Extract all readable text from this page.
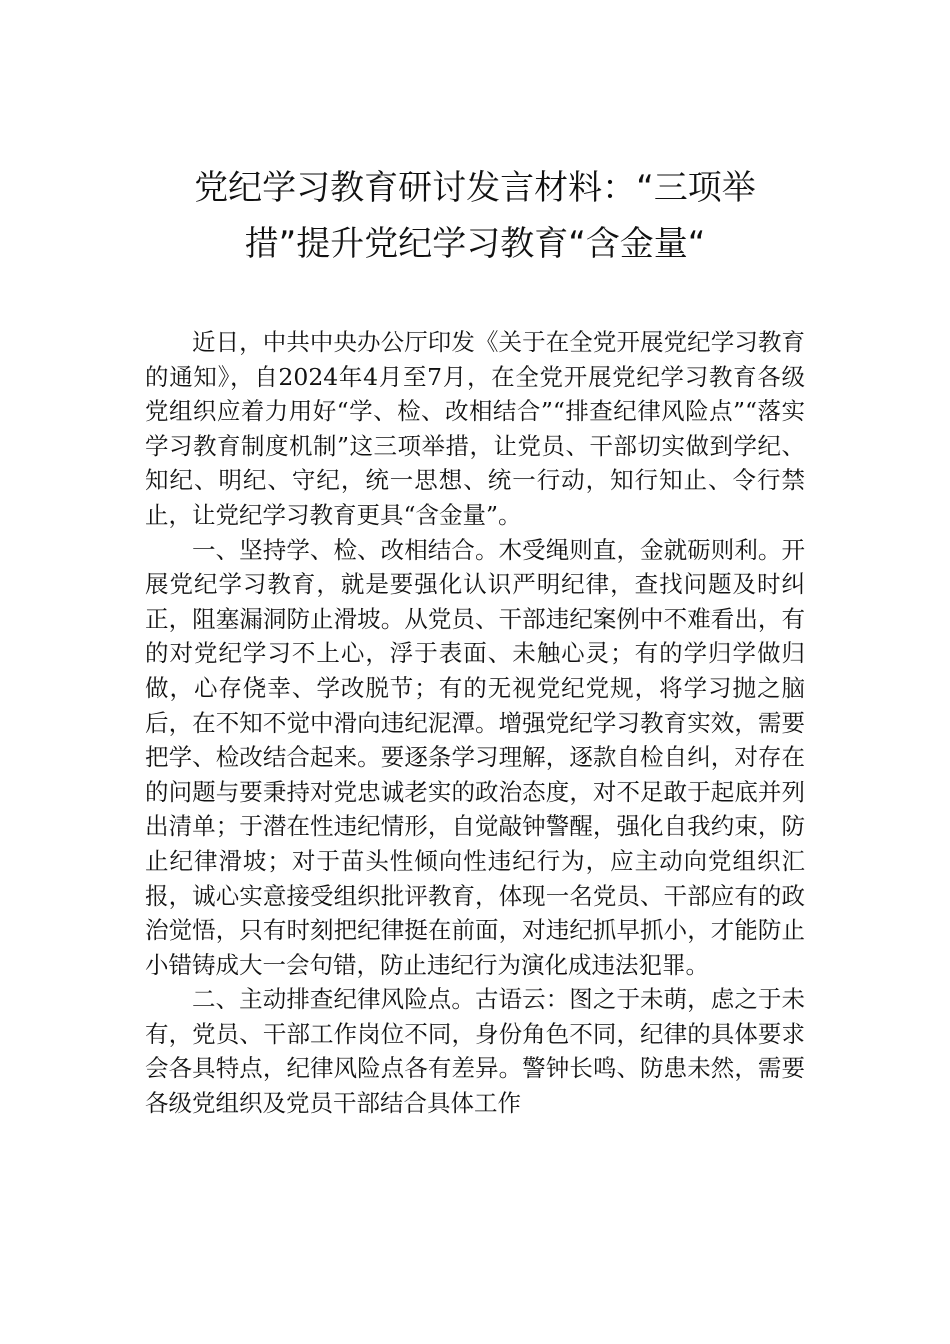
党纪学习教育研讨发言材料：“三项举
措”提升党纪学习教育“含金量“

近日，中共中央办公厅印发《关于在全党开展党纪学习教育的通知》，自2024年4月至7月，在全党开展党纪学习教育各级党组织应着力用好“学、检、改相结合”“排查纪律风险点”“落实学习教育制度机制”这三项举措，让党员、干部切实做到学纪、知纪、明纪、守纪，统一思想、统一行动，知行知止、令行禁止，让党纪学习教育更具“含金量”。

一、坚持学、检、改相结合。木受绳则直，金就砺则利。开展党纪学习教育，就是要强化认识严明纪律，查找问题及时纠正，阻塞漏洞防止滑坡。从党员、干部违纪案例中不难看出，有的对党纪学习不上心，浮于表面、未触心灵；有的学归学做归做，心存侥幸、学改脱节；有的无视党纪党规，将学习抛之脑后，在不知不觉中滑向违纪泥潭。增强党纪学习教育实效，需要把学、检改结合起来。要逐条学习理解，逐款自检自纠，对存在的问题与要秉持对党忠诚老实的政治态度，对不足敢于起底并列出清单；于潜在性违纪情形，自觉敲钟警醒，强化自我约束，防止纪律滑坡；对于苗头性倾向性违纪行为，应主动向党组织汇报，诚心实意接受组织批评教育，体现一名党员、干部应有的政治觉悟，只有时刻把纪律挺在前面，对违纪抓早抓小，才能防止小错铸成大一会句错，防止违纪行为演化成违法犯罪。

二、主动排查纪律风险点。古语云：图之于未萌，虑之于未有，党员、干部工作岗位不同，身份角色不同，纪律的具体要求会各具特点，纪律风险点各有差异。警钟长鸣、防患未然，需要各级党组织及党员干部结合具体工作
